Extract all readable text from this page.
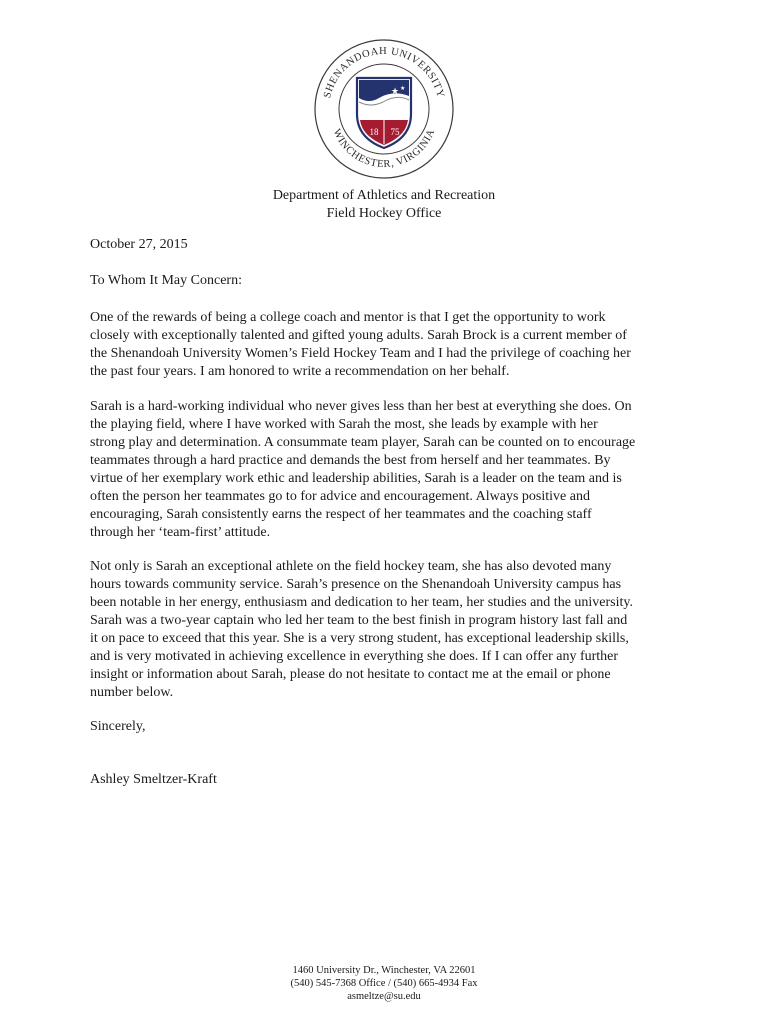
SHENANDOAH UNIVERSITY
WINCHESTER, VIRGINIA
★ ★
18 75
Department of Athletics and Recreation
Field Hockey Office
October 27, 2015
To Whom It May Concern:

One of the rewards of being a college coach and mentor is that I get the opportunity to work
closely with exceptionally talented and gifted young adults. Sarah Brock is a current member of
the Shenandoah University Women’s Field Hockey Team and I had the privilege of coaching her
the past four years. I am honored to write a recommendation on her behalf.

Sarah is a hard-working individual who never gives less than her best at everything she does. On
the playing field, where I have worked with Sarah the most, she leads by example with her
strong play and determination. A consummate team player, Sarah can be counted on to encourage
teammates through a hard practice and demands the best from herself and her teammates. By
virtue of her exemplary work ethic and leadership abilities, Sarah is a leader on the team and is
often the person her teammates go to for advice and encouragement. Always positive and
encouraging, Sarah consistently earns the respect of her teammates and the coaching staff
through her ‘team-first’ attitude.

Not only is Sarah an exceptional athlete on the field hockey team, she has also devoted many
hours towards community service. Sarah’s presence on the Shenandoah University campus has
been notable in her energy, enthusiasm and dedication to her team, her studies and the university.
Sarah was a two-year captain who led her team to the best finish in program history last fall and
it on pace to exceed that this year. She is a very strong student, has exceptional leadership skills,
and is very motivated in achieving excellence in everything she does. If I can offer any further
insight or information about Sarah, please do not hesitate to contact me at the email or phone
number below.

Sincerely,
Ashley Smeltzer-Kraft
1460 University Dr., Winchester, VA 22601
(540) 545-7368 Office / (540) 665-4934 Fax
asmeltze@su.edu
